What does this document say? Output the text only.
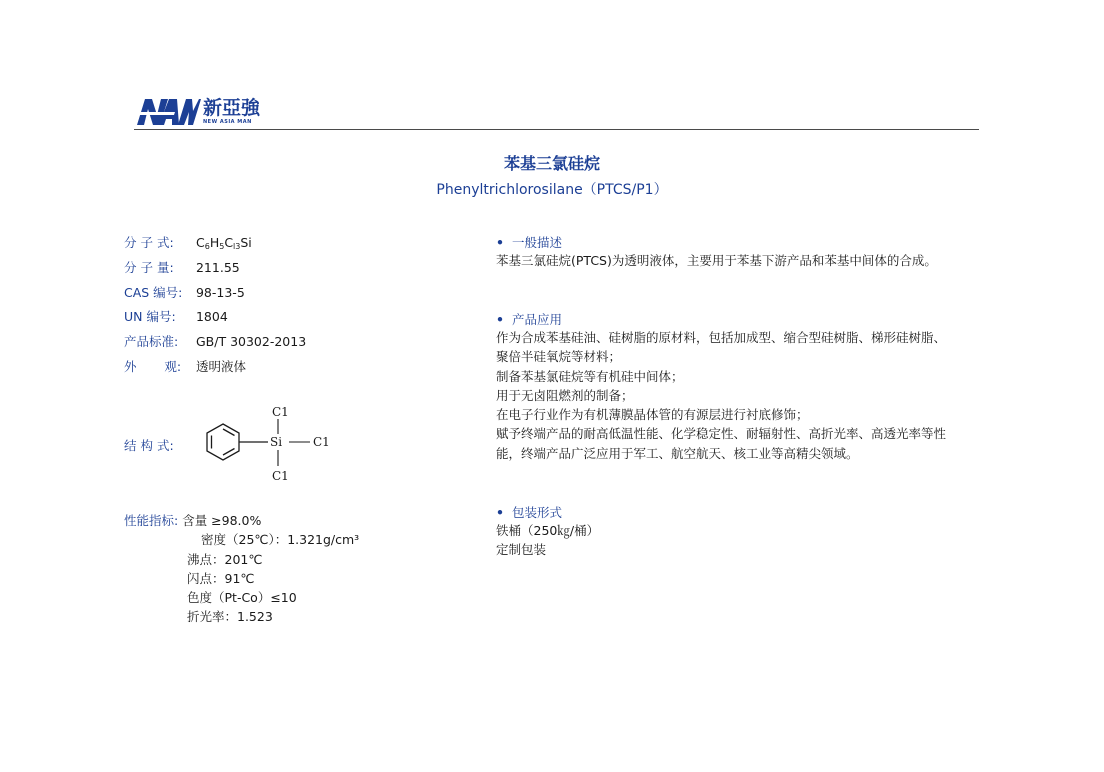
新亞強
NEW ASIA MAN
苯基三氯硅烷
Phenyltrichlorosilane（PTCS/P1）
分 子 式: $C_6H_5C_{l3}Si$
分 子 量: 211.55
CAS 编号: 98-13-5
UN 编号: 1804
产品标准: GB/T 30302-2013
外       观: 透明液体
结 构 式:	Si
C1
C1
C1
性能指标: 含量 ≥98.0%
密度（25℃）：1.321g/cm³
沸点：201℃
闪点：91℃
色度（Pt-Co）≤10
折光率：1.523
• 一般描述
苯基三氯硅烷(PTCS)为透明液体，主要用于苯基下游产品和苯基中间体的合成。
• 产品应用
作为合成苯基硅油、硅树脂的原材料，包括加成型、缩合型硅树脂、梯形硅树脂、
聚倍半硅氧烷等材料；
制备苯基氯硅烷等有机硅中间体；
用于无卤阻燃剂的制备；
在电子行业作为有机薄膜晶体管的有源层进行衬底修饰；
赋予终端产品的耐高低温性能、化学稳定性、耐辐射性、高折光率、高透光率等性
能，终端产品广泛应用于军工、航空航天、核工业等高精尖领域。
• 包装形式
铁桶（250㎏/桶）
定制包装
